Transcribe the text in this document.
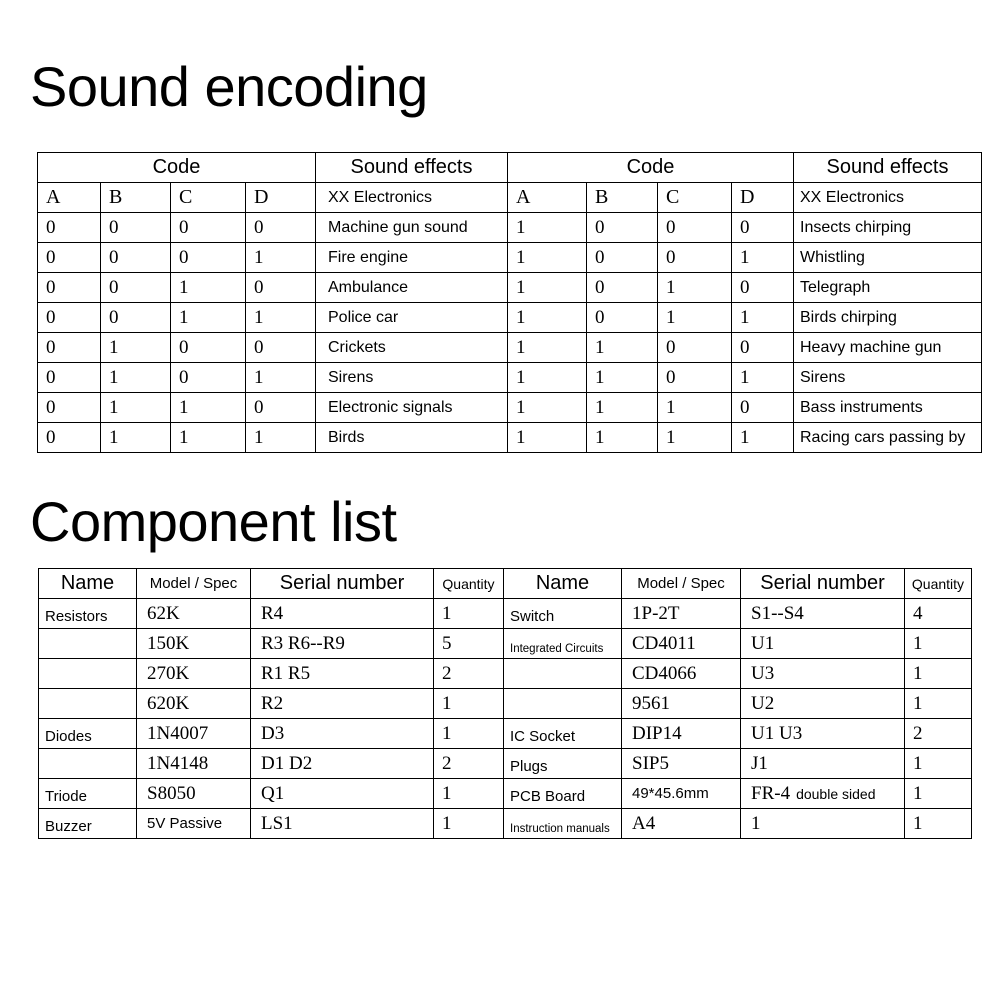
Sound encoding
Code				Sound effects	Code				Sound effects
A	B	C	D	XX Electronics	A	B	C	D	XX Electronics
0	0	0	0	Machine gun sound	1	0	0	0	Insects chirping
0	0	0	1	Fire engine	1	0	0	1	Whistling
0	0	1	0	Ambulance	1	0	1	0	Telegraph
0	0	1	1	Police car	1	0	1	1	Birds chirping
0	1	0	0	Crickets	1	1	0	0	Heavy machine gun
0	1	0	1	Sirens	1	1	0	1	Sirens
0	1	1	0	Electronic signals	1	1	1	0	Bass instruments
0	1	1	1	Birds	1	1	1	1	Racing cars passing by
Component list
Name	Model / Spec	Serial number	Quantity	Name	Model / Spec	Serial number	Quantity
Resistors	62K	R4	1	Switch	1P-2T	S1--S4	4
	150K	R3 R6--R9	5	Integrated Circuits	CD4011	U1	1
	270K	R1 R5	2		CD4066	U3	1
	620K	R2	1		9561	U2	1
Diodes	1N4007	D3	1	IC Socket	DIP14	U1 U3	2
	1N4148	D1 D2	2	Plugs	SIP5	J1	1
Triode	S8050	Q1	1	PCB Board	49*45.6mm	FR-4 double sided	1
Buzzer	5V Passive	LS1	1	Instruction manuals	A4	1	1
